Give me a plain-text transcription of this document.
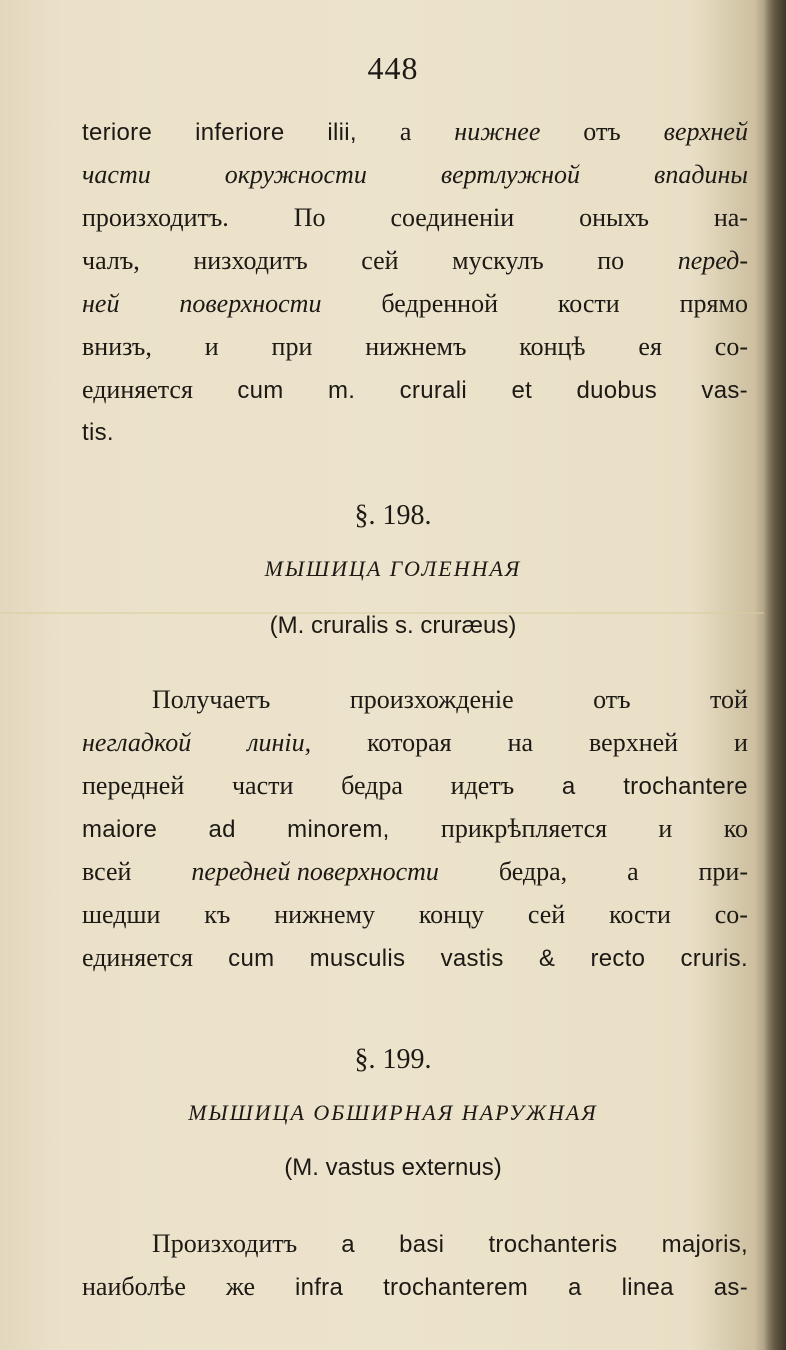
448
terіоre іnferiore ilii, а нижнее отъ верхней
части	окружности	вертлужной	впадины
произходитъ. По соединенiи оныхъ на-
чалъ, низходитъ сей мускулъ по перед-
ней поверхности бедренной кости прямо
внизъ, и при нижнемъ концѣ ея со-
единяется cum m. crurali et duobus vas-
tis.
§. 198.
МЫШИЦА ГОЛЕННАЯ
(M. cruralis s. cruræus)
Получаетъ	произхожденiе	отъ	той
негладкой линiи, которая на верхней и
передней части бедра идетъ a trochantere
maiore ad minorem, прикрѣпляется и ко
всей передней поверхности бедра, а при-
шедши къ нижнему концу сей кости со-
единяется cum musculis vastis & recto cruris.
§. 199.
МЫШИЦА ОБШИРНАЯ НАРУЖНАЯ
(M. vastus externus)
Произходитъ a basi trochanteris majoris,
наиболѣе же infra trochanterem a linea as-
